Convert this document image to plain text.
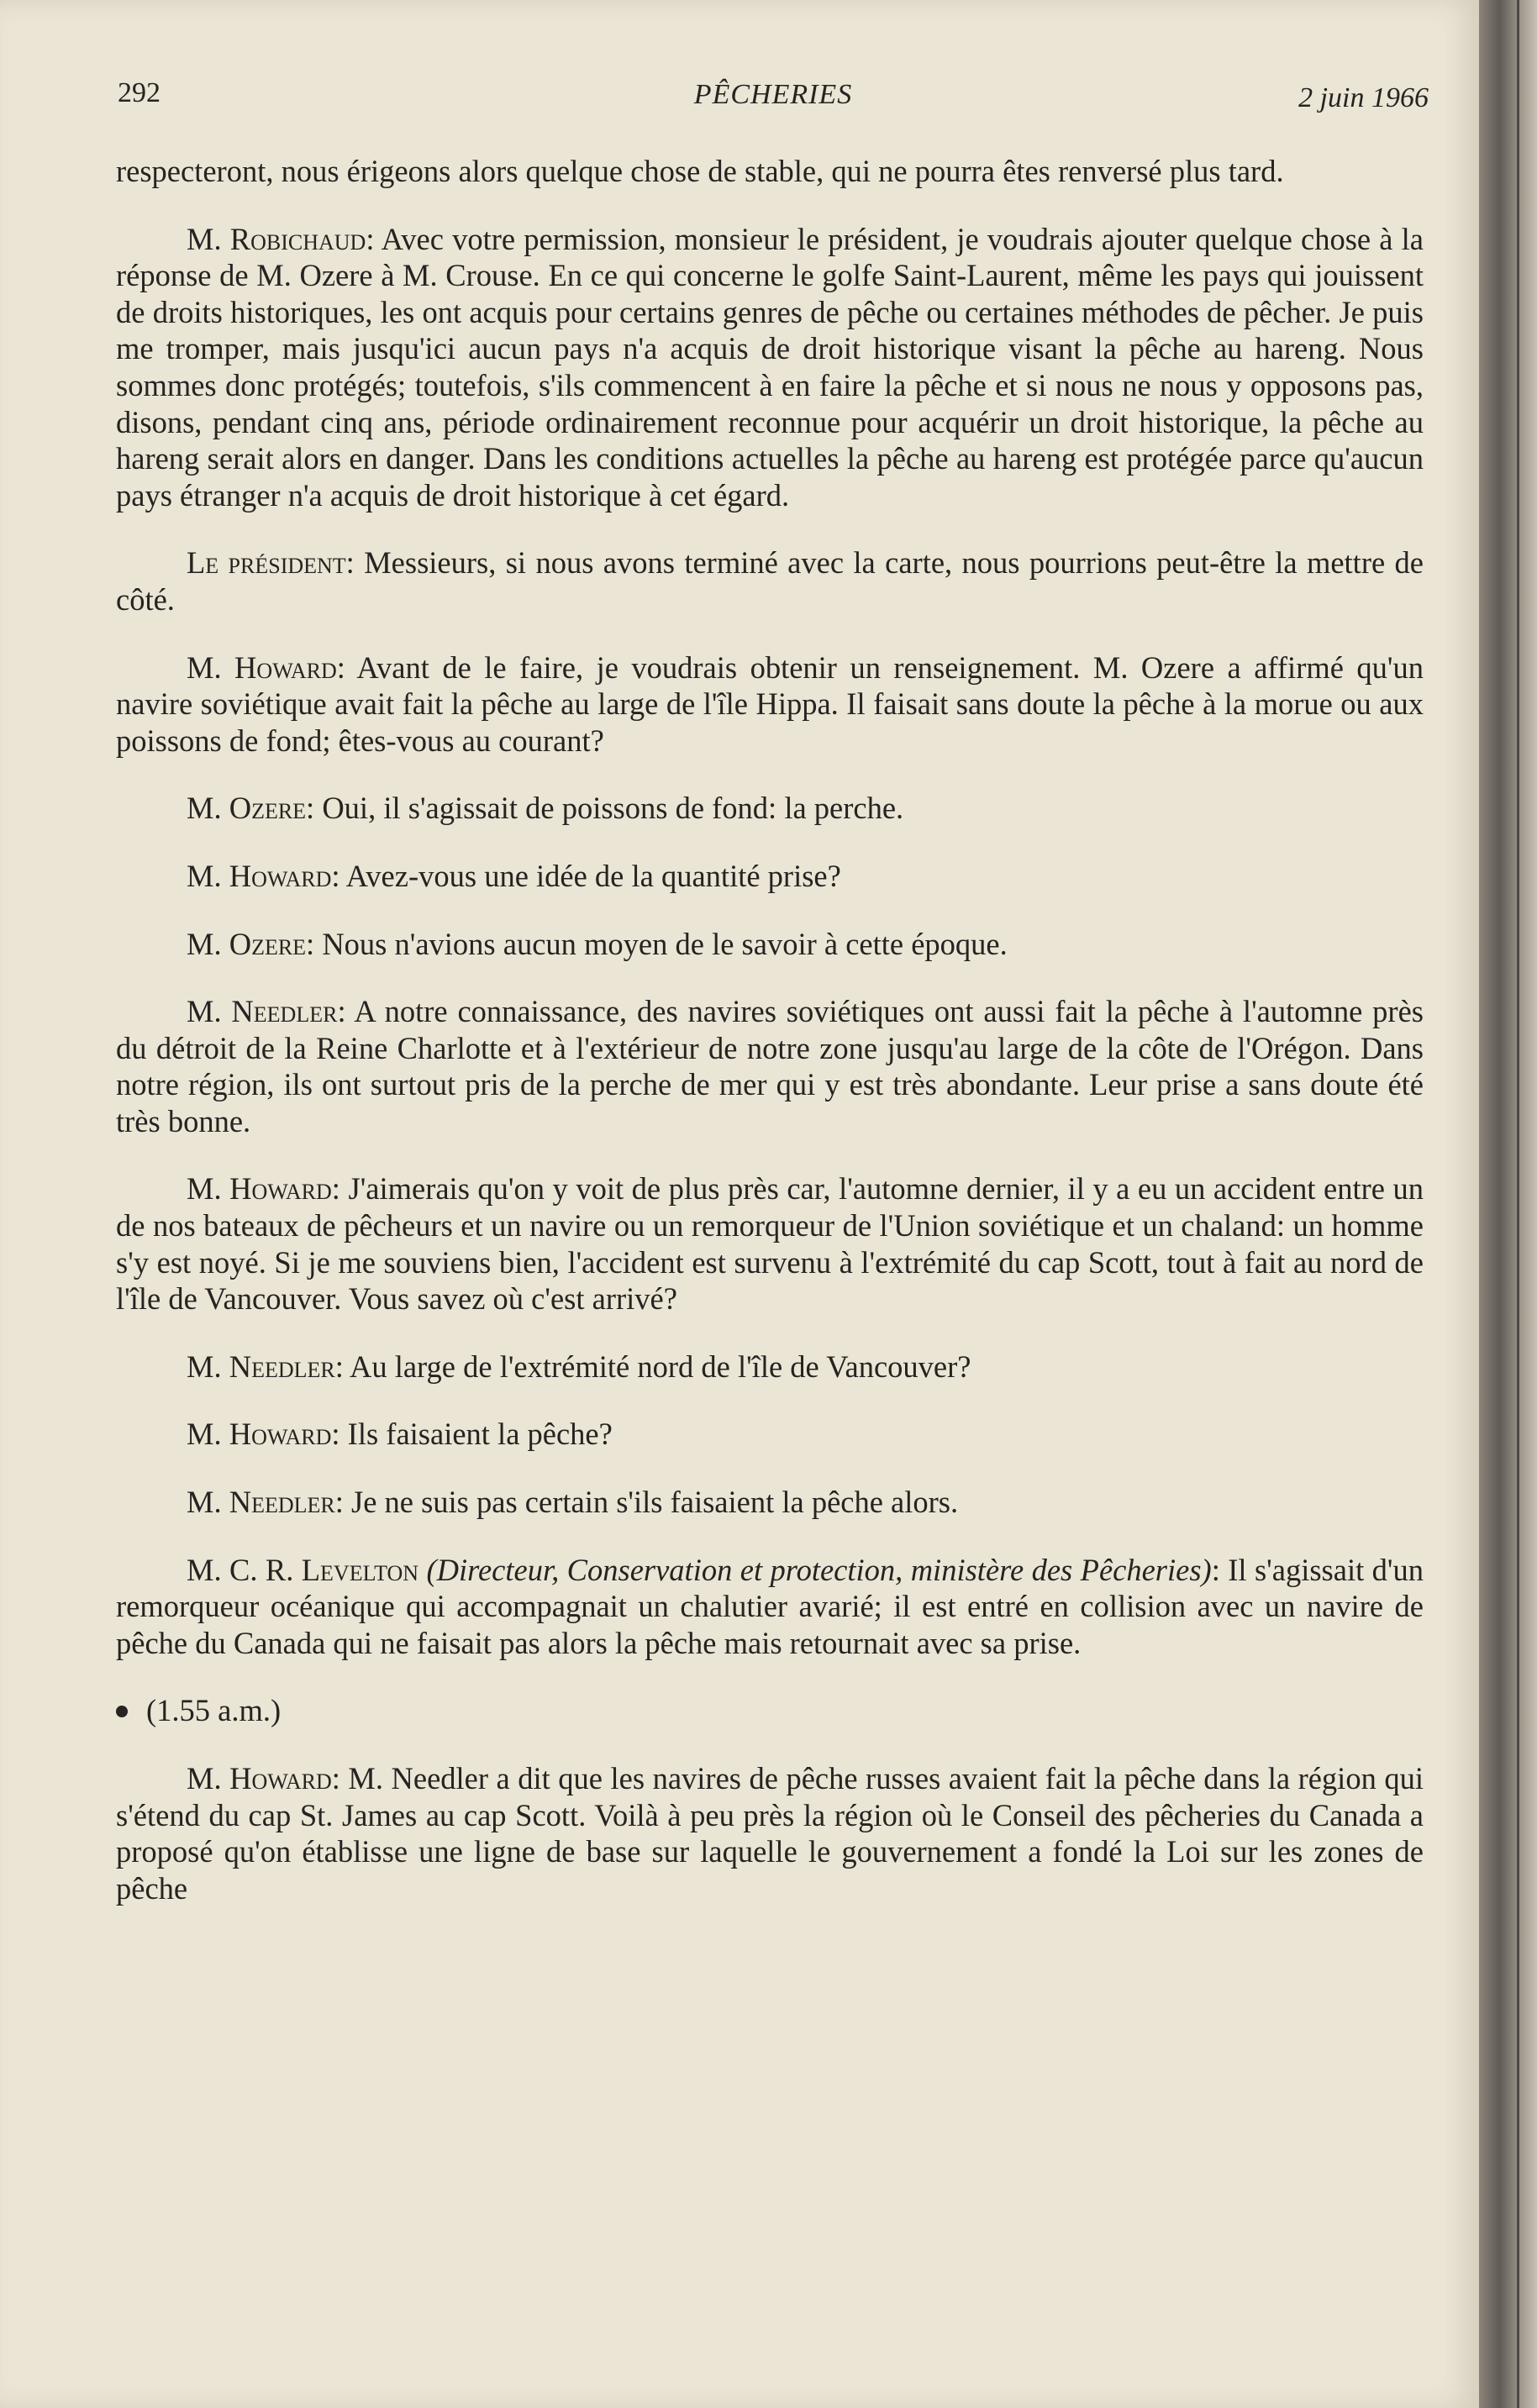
292	PÊCHERIES	2 juin 1966

respecteront, nous érigeons alors quelque chose de stable, qui ne pourra êtes renversé plus tard.

M. Robichaud: Avec votre permission, monsieur le président, je voudrais ajouter quelque chose à la réponse de M. Ozere à M. Crouse. En ce qui concerne le golfe Saint-Laurent, même les pays qui jouissent de droits historiques, les ont acquis pour certains genres de pêche ou certaines méthodes de pêcher. Je puis me tromper, mais jusqu'ici aucun pays n'a acquis de droit historique visant la pêche au hareng. Nous sommes donc protégés; toutefois, s'ils commencent à en faire la pêche et si nous ne nous y opposons pas, disons, pendant cinq ans, période ordinairement reconnue pour acquérir un droit historique, la pêche au hareng serait alors en danger. Dans les conditions actuelles la pêche au hareng est protégée parce qu'aucun pays étranger n'a acquis de droit historique à cet égard.

Le président: Messieurs, si nous avons terminé avec la carte, nous pourrions peut-être la mettre de côté.

M. Howard: Avant de le faire, je voudrais obtenir un renseignement. M. Ozere a affirmé qu'un navire soviétique avait fait la pêche au large de l'île Hippa. Il faisait sans doute la pêche à la morue ou aux poissons de fond; êtes-vous au courant?

M. Ozere: Oui, il s'agissait de poissons de fond: la perche.

M. Howard: Avez-vous une idée de la quantité prise?

M. Ozere: Nous n'avions aucun moyen de le savoir à cette époque.

M. Needler: A notre connaissance, des navires soviétiques ont aussi fait la pêche à l'automne près du détroit de la Reine Charlotte et à l'extérieur de notre zone jusqu'au large de la côte de l'Orégon. Dans notre région, ils ont surtout pris de la perche de mer qui y est très abondante. Leur prise a sans doute été très bonne.

M. Howard: J'aimerais qu'on y voit de plus près car, l'automne dernier, il y a eu un accident entre un de nos bateaux de pêcheurs et un navire ou un remorqueur de l'Union soviétique et un chaland: un homme s'y est noyé. Si je me souviens bien, l'accident est survenu à l'extrémité du cap Scott, tout à fait au nord de l'île de Vancouver. Vous savez où c'est arrivé?

M. Needler: Au large de l'extrémité nord de l'île de Vancouver?

M. Howard: Ils faisaient la pêche?

M. Needler: Je ne suis pas certain s'ils faisaient la pêche alors.

M. C. R. Levelton (Directeur, Conservation et protection, ministère des Pêcheries): Il s'agissait d'un remorqueur océanique qui accompagnait un chalutier avarié; il est entré en collision avec un navire de pêche du Canada qui ne faisait pas alors la pêche mais retournait avec sa prise.

(1.55 a.m.)

M. Howard: M. Needler a dit que les navires de pêche russes avaient fait la pêche dans la région qui s'étend du cap St. James au cap Scott. Voilà à peu près la région où le Conseil des pêcheries du Canada a proposé qu'on établisse une ligne de base sur laquelle le gouvernement a fondé la Loi sur les zones de pêche
